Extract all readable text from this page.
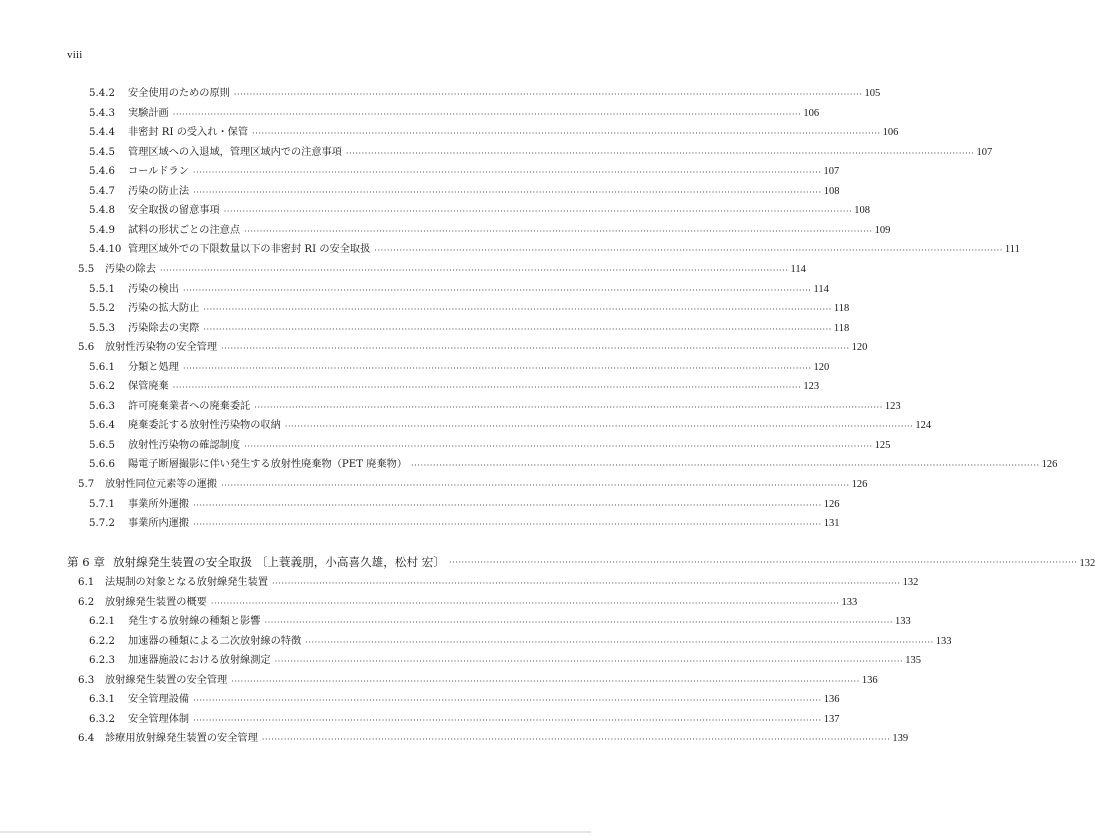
viii
5.4.2	安全使用のための原則 ········································································································································································································ 105
5.4.3	実験計画 ········································································································································································································ 106
5.4.4	非密封 RI の受入れ・保管 ········································································································································································································ 106
5.4.5	管理区域への入退域，管理区域内での注意事項 ········································································································································································································ 107
5.4.6	コールドラン ········································································································································································································ 107
5.4.7	汚染の防止法 ········································································································································································································ 108
5.4.8	安全取扱の留意事項 ········································································································································································································ 108
5.4.9	試料の形状ごとの注意点 ········································································································································································································ 109
5.4.10 管理区域外での下限数量以下の非密封 RI の安全取扱 ········································································································································································································ 111
5.5	汚染の除去 ········································································································································································································ 114
5.5.1	汚染の検出 ········································································································································································································ 114
5.5.2	汚染の拡大防止 ········································································································································································································ 118
5.5.3	汚染除去の実際 ········································································································································································································ 118
5.6	放射性汚染物の安全管理 ········································································································································································································ 120
5.6.1	分類と処理 ········································································································································································································ 120
5.6.2	保管廃棄 ········································································································································································································ 123
5.6.3	許可廃棄業者への廃棄委託 ········································································································································································································ 123
5.6.4	廃棄委託する放射性汚染物の収納 ········································································································································································································ 124
5.6.5	放射性汚染物の確認制度 ········································································································································································································ 125
5.6.6	陽電子断層撮影に伴い発生する放射性廃棄物（PET 廃棄物） ········································································································································································································ 126
5.7	放射性同位元素等の運搬 ········································································································································································································ 126
5.7.1	事業所外運搬 ········································································································································································································ 126
5.7.2	事業所内運搬 ········································································································································································································ 131
第 6 章 放射線発生装置の安全取扱 〔上蓑義朋，小高喜久雄，松村 宏〕 ········································································································································································································ 132
6.1	法規制の対象となる放射線発生装置 ········································································································································································································ 132
6.2	放射線発生装置の概要 ········································································································································································································ 133
6.2.1	発生する放射線の種類と影響 ········································································································································································································ 133
6.2.2	加速器の種類による二次放射線の特徴 ········································································································································································································ 133
6.2.3	加速器施設における放射線測定 ········································································································································································································ 135
6.3	放射線発生装置の安全管理 ········································································································································································································ 136
6.3.1	安全管理設備 ········································································································································································································ 136
6.3.2	安全管理体制 ········································································································································································································ 137
6.4	診療用放射線発生装置の安全管理 ········································································································································································································ 139
